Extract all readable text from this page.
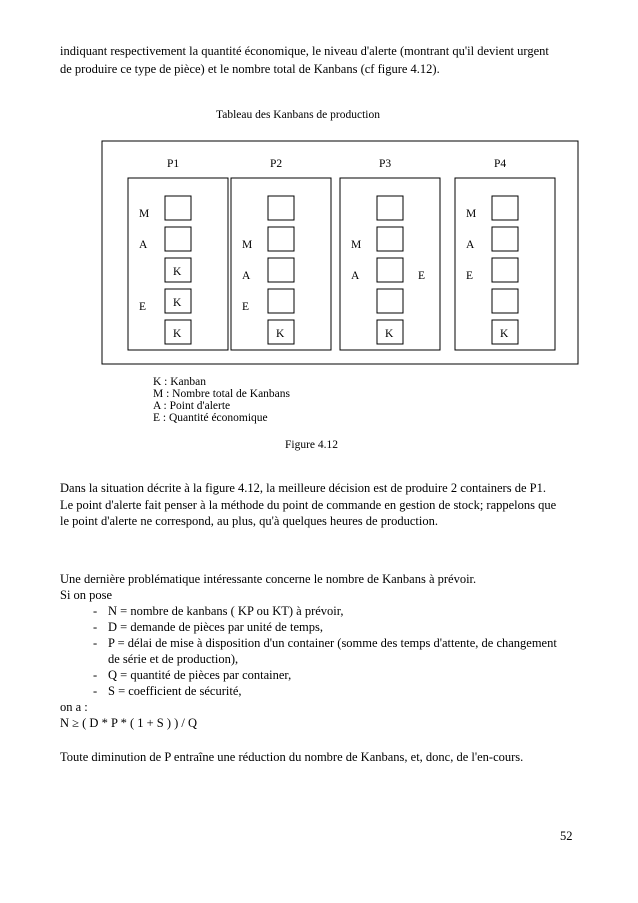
indiquant respectivement la quantité économique, le niveau d'alerte (montrant qu'il devient urgent
de produire ce type de pièce) et le nombre total de Kanbans (cf figure 4.12).
Tableau des Kanbans de production
P1
M
A
K
K
E
K
P2
M
A
E
K
P3
M
A	E
K
P4
M
A
E
K
K : Kanban
M : Nombre total de Kanbans
A : Point d'alerte
E : Quantité économique
Figure 4.12
Dans la situation décrite à la figure 4.12, la meilleure décision est de produire 2 containers de P1.
Le point d'alerte fait penser à la méthode du point de commande en gestion de stock; rappelons que
le point d'alerte ne correspond, au plus, qu'à quelques heures de production.
Une dernière problématique intéressante concerne le nombre de Kanbans à prévoir.
Si on pose
- N = nombre de kanbans ( KP ou KT) à prévoir,
- D = demande de pièces par unité de temps,
- P = délai de mise à disposition d'un container (somme des temps d'attente, de changement
de série et de production),
- Q = quantité de pièces par container,
- S = coefficient de sécurité,
on a :
N ≥ ( D * P * ( 1 + S ) ) / Q
Toute diminution de P entraîne une réduction du nombre de Kanbans, et, donc, de l'en-cours.
52
